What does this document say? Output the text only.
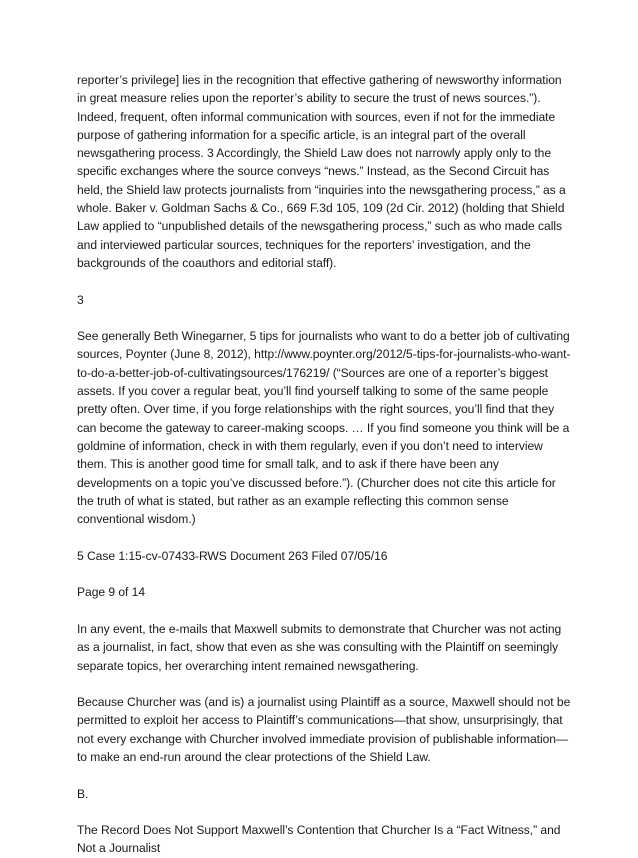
reporter’s privilege] lies in the recognition that effective gathering of newsworthy information in great measure relies upon the reporter’s ability to secure the trust of news sources.”). Indeed, frequent, often informal communication with sources, even if not for the immediate purpose of gathering information for a specific article, is an integral part of the overall newsgathering process. 3 Accordingly, the Shield Law does not narrowly apply only to the specific exchanges where the source conveys “news.” Instead, as the Second Circuit has held, the Shield law protects journalists from “inquiries into the newsgathering process,” as a whole. Baker v. Goldman Sachs & Co., 669 F.3d 105, 109 (2d Cir. 2012) (holding that Shield Law applied to “unpublished details of the newsgathering process,” such as who made calls and interviewed particular sources, techniques for the reporters’ investigation, and the backgrounds of the coauthors and editorial staff).

3

See generally Beth Winegarner, 5 tips for journalists who want to do a better job of cultivating sources, Poynter (June 8, 2012), http://www.poynter.org/2012/5-tips-for-journalists-who-want-to-do-a-better-job-of-cultivatingsources/176219/ (“Sources are one of a reporter’s biggest assets. If you cover a regular beat, you’ll find yourself talking to some of the same people pretty often. Over time, if you forge relationships with the right sources, you’ll find that they can become the gateway to career-making scoops. … If you find someone you think will be a goldmine of information, check in with them regularly, even if you don’t need to interview them. This is another good time for small talk, and to ask if there have been any developments on a topic you’ve discussed before.”). (Churcher does not cite this article for the truth of what is stated, but rather as an example reflecting this common sense conventional wisdom.)

5 Case 1:15-cv-07433-RWS Document 263 Filed 07/05/16

Page 9 of 14

In any event, the e-mails that Maxwell submits to demonstrate that Churcher was not acting as a journalist, in fact, show that even as she was consulting with the Plaintiff on seemingly separate topics, her overarching intent remained newsgathering.

Because Churcher was (and is) a journalist using Plaintiff as a source, Maxwell should not be permitted to exploit her access to Plaintiff’s communications—that show, unsurprisingly, that not every exchange with Churcher involved immediate provision of publishable information—to make an end-run around the clear protections of the Shield Law.

B.

The Record Does Not Support Maxwell’s Contention that Churcher Is a “Fact Witness,” and Not a Journalist
